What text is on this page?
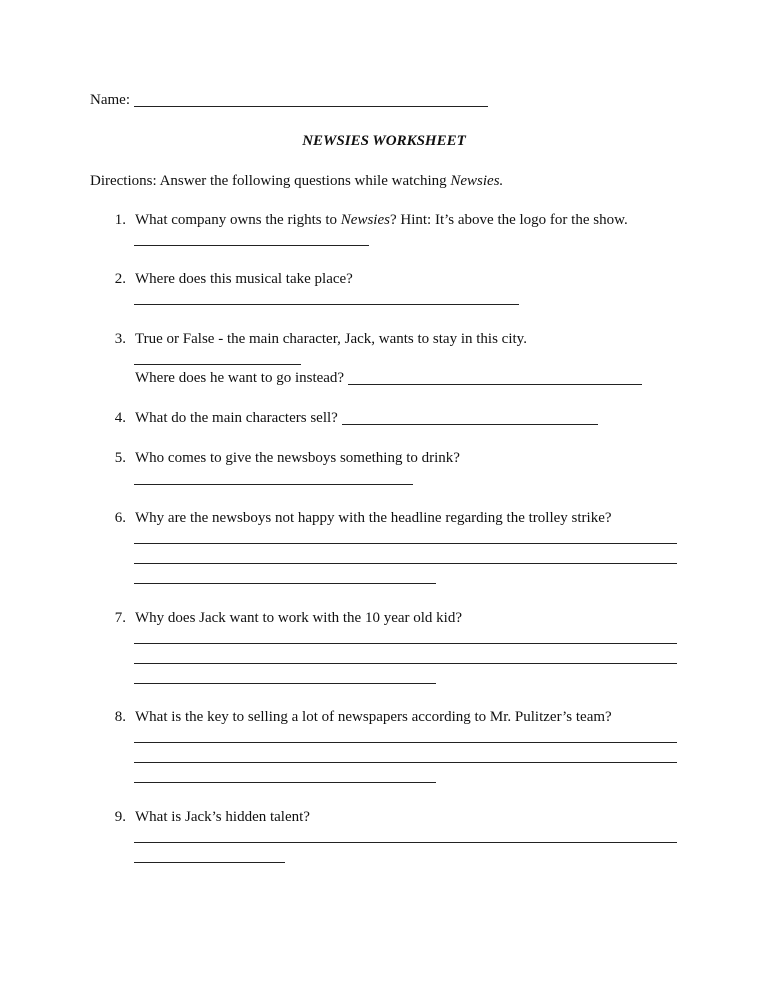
Name:
NEWSIES WORKSHEET
Directions: Answer the following questions while watching Newsies.
1. What company owns the rights to Newsies? Hint: It’s above the logo for the show.
2. Where does this musical take place?
3. True or False - the main character, Jack, wants to stay in this city.
Where does he want to go instead?
4. What do the main characters sell?
5. Who comes to give the newsboys something to drink?
6. Why are the newsboys not happy with the headline regarding the trolley strike?
7. Why does Jack want to work with the 10 year old kid?
8. What is the key to selling a lot of newspapers according to Mr. Pulitzer’s team?
9. What is Jack’s hidden talent?
